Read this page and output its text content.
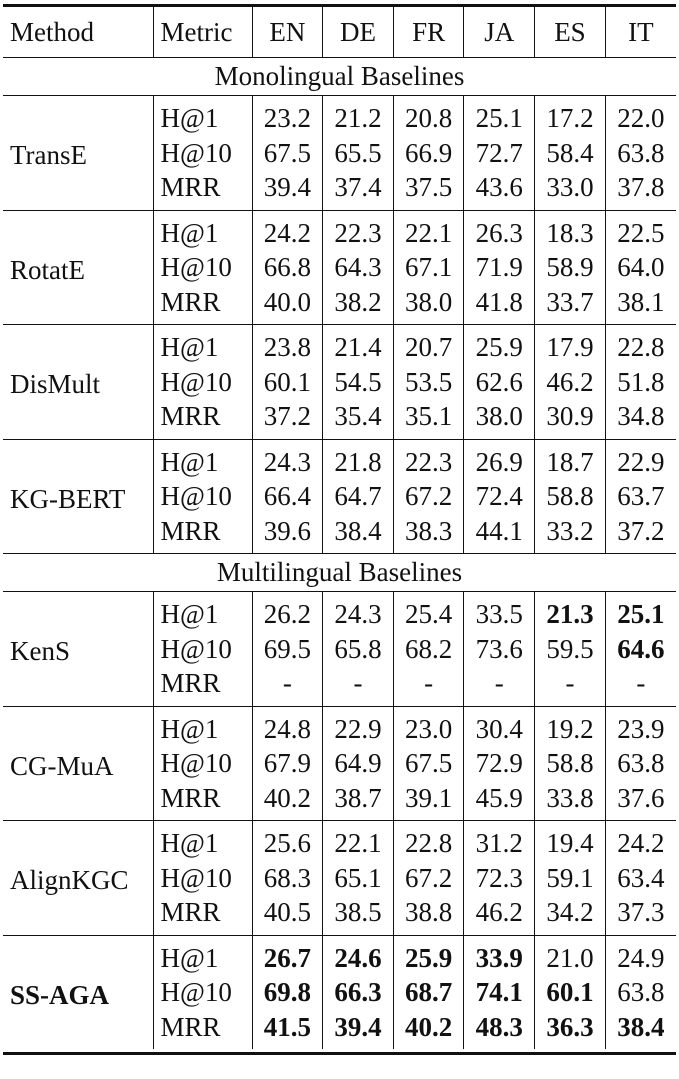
Method	Metric	EN	DE	FR	JA	ES	IT
Monolingual Baselines							
TransE	H@1	23.2	21.2	20.8	25.1	17.2	22.0
	H@10	67.5	65.5	66.9	72.7	58.4	63.8
	MRR	39.4	37.4	37.5	43.6	33.0	37.8
RotatE	H@1	24.2	22.3	22.1	26.3	18.3	22.5
	H@10	66.8	64.3	67.1	71.9	58.9	64.0
	MRR	40.0	38.2	38.0	41.8	33.7	38.1
DisMult	H@1	23.8	21.4	20.7	25.9	17.9	22.8
	H@10	60.1	54.5	53.5	62.6	46.2	51.8
	MRR	37.2	35.4	35.1	38.0	30.9	34.8
KG-BERT	H@1	24.3	21.8	22.3	26.9	18.7	22.9
	H@10	66.4	64.7	67.2	72.4	58.8	63.7
	MRR	39.6	38.4	38.3	44.1	33.2	37.2
Multilingual Baselines							
KenS	H@1	26.2	24.3	25.4	33.5	21.3	25.1
	H@10	69.5	65.8	68.2	73.6	59.5	64.6
	MRR	-	-	-	-	-	-
CG-MuA	H@1	24.8	22.9	23.0	30.4	19.2	23.9
	H@10	67.9	64.9	67.5	72.9	58.8	63.8
	MRR	40.2	38.7	39.1	45.9	33.8	37.6
AlignKGC	H@1	25.6	22.1	22.8	31.2	19.4	24.2
	H@10	68.3	65.1	67.2	72.3	59.1	63.4
	MRR	40.5	38.5	38.8	46.2	34.2	37.3
SS-AGA	H@1	26.7	24.6	25.9	33.9	21.0	24.9
	H@10	69.8	66.3	68.7	74.1	60.1	63.8
	MRR	41.5	39.4	40.2	48.3	36.3	38.4
